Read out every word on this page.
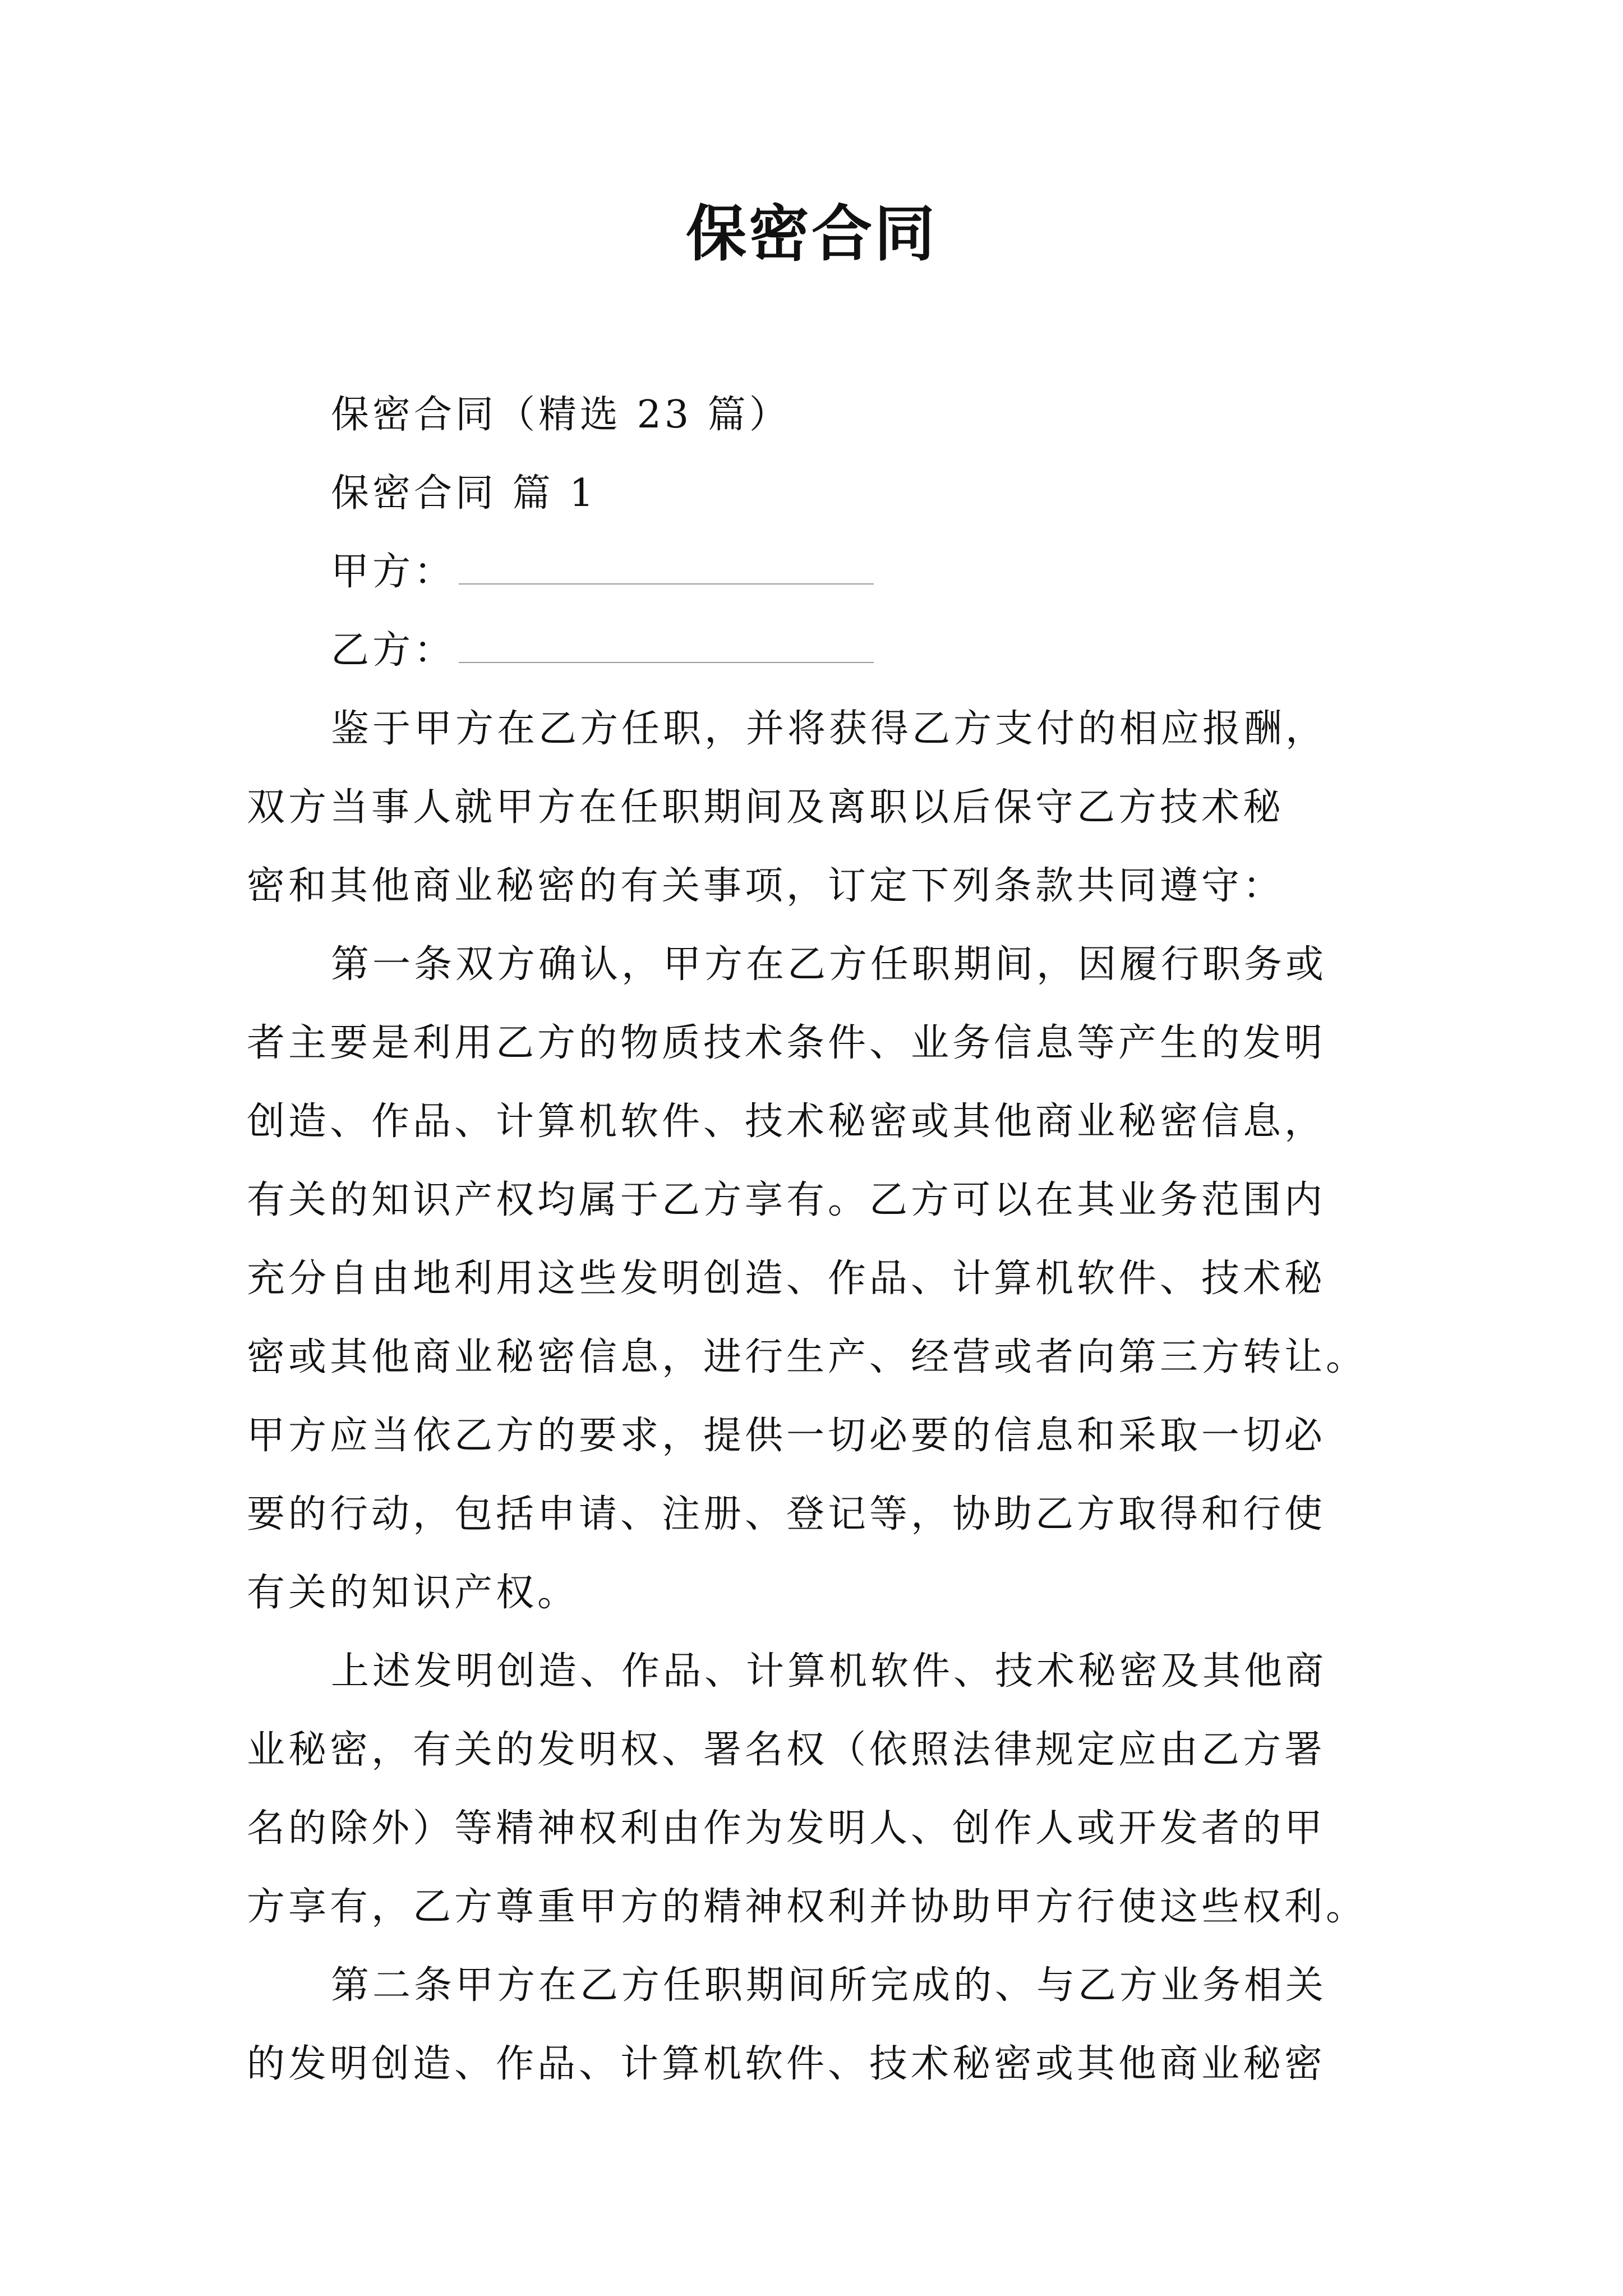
保密合同
保密合同（精选 23 篇）
保密合同 篇 1
甲方：
乙方：
鉴于甲方在乙方任职，并将获得乙方支付的相应报酬，
双方当事人就甲方在任职期间及离职以后保守乙方技术秘
密和其他商业秘密的有关事项，订定下列条款共同遵守：
第一条双方确认，甲方在乙方任职期间，因履行职务或
者主要是利用乙方的物质技术条件、业务信息等产生的发明
创造、作品、计算机软件、技术秘密或其他商业秘密信息，
有关的知识产权均属于乙方享有。乙方可以在其业务范围内
充分自由地利用这些发明创造、作品、计算机软件、技术秘
密或其他商业秘密信息，进行生产、经营或者向第三方转让。
甲方应当依乙方的要求，提供一切必要的信息和采取一切必
要的行动，包括申请、注册、登记等，协助乙方取得和行使
有关的知识产权。
上述发明创造、作品、计算机软件、技术秘密及其他商
业秘密，有关的发明权、署名权（依照法律规定应由乙方署
名的除外）等精神权利由作为发明人、创作人或开发者的甲
方享有，乙方尊重甲方的精神权利并协助甲方行使这些权利。
第二条甲方在乙方任职期间所完成的、与乙方业务相关
的发明创造、作品、计算机软件、技术秘密或其他商业秘密
